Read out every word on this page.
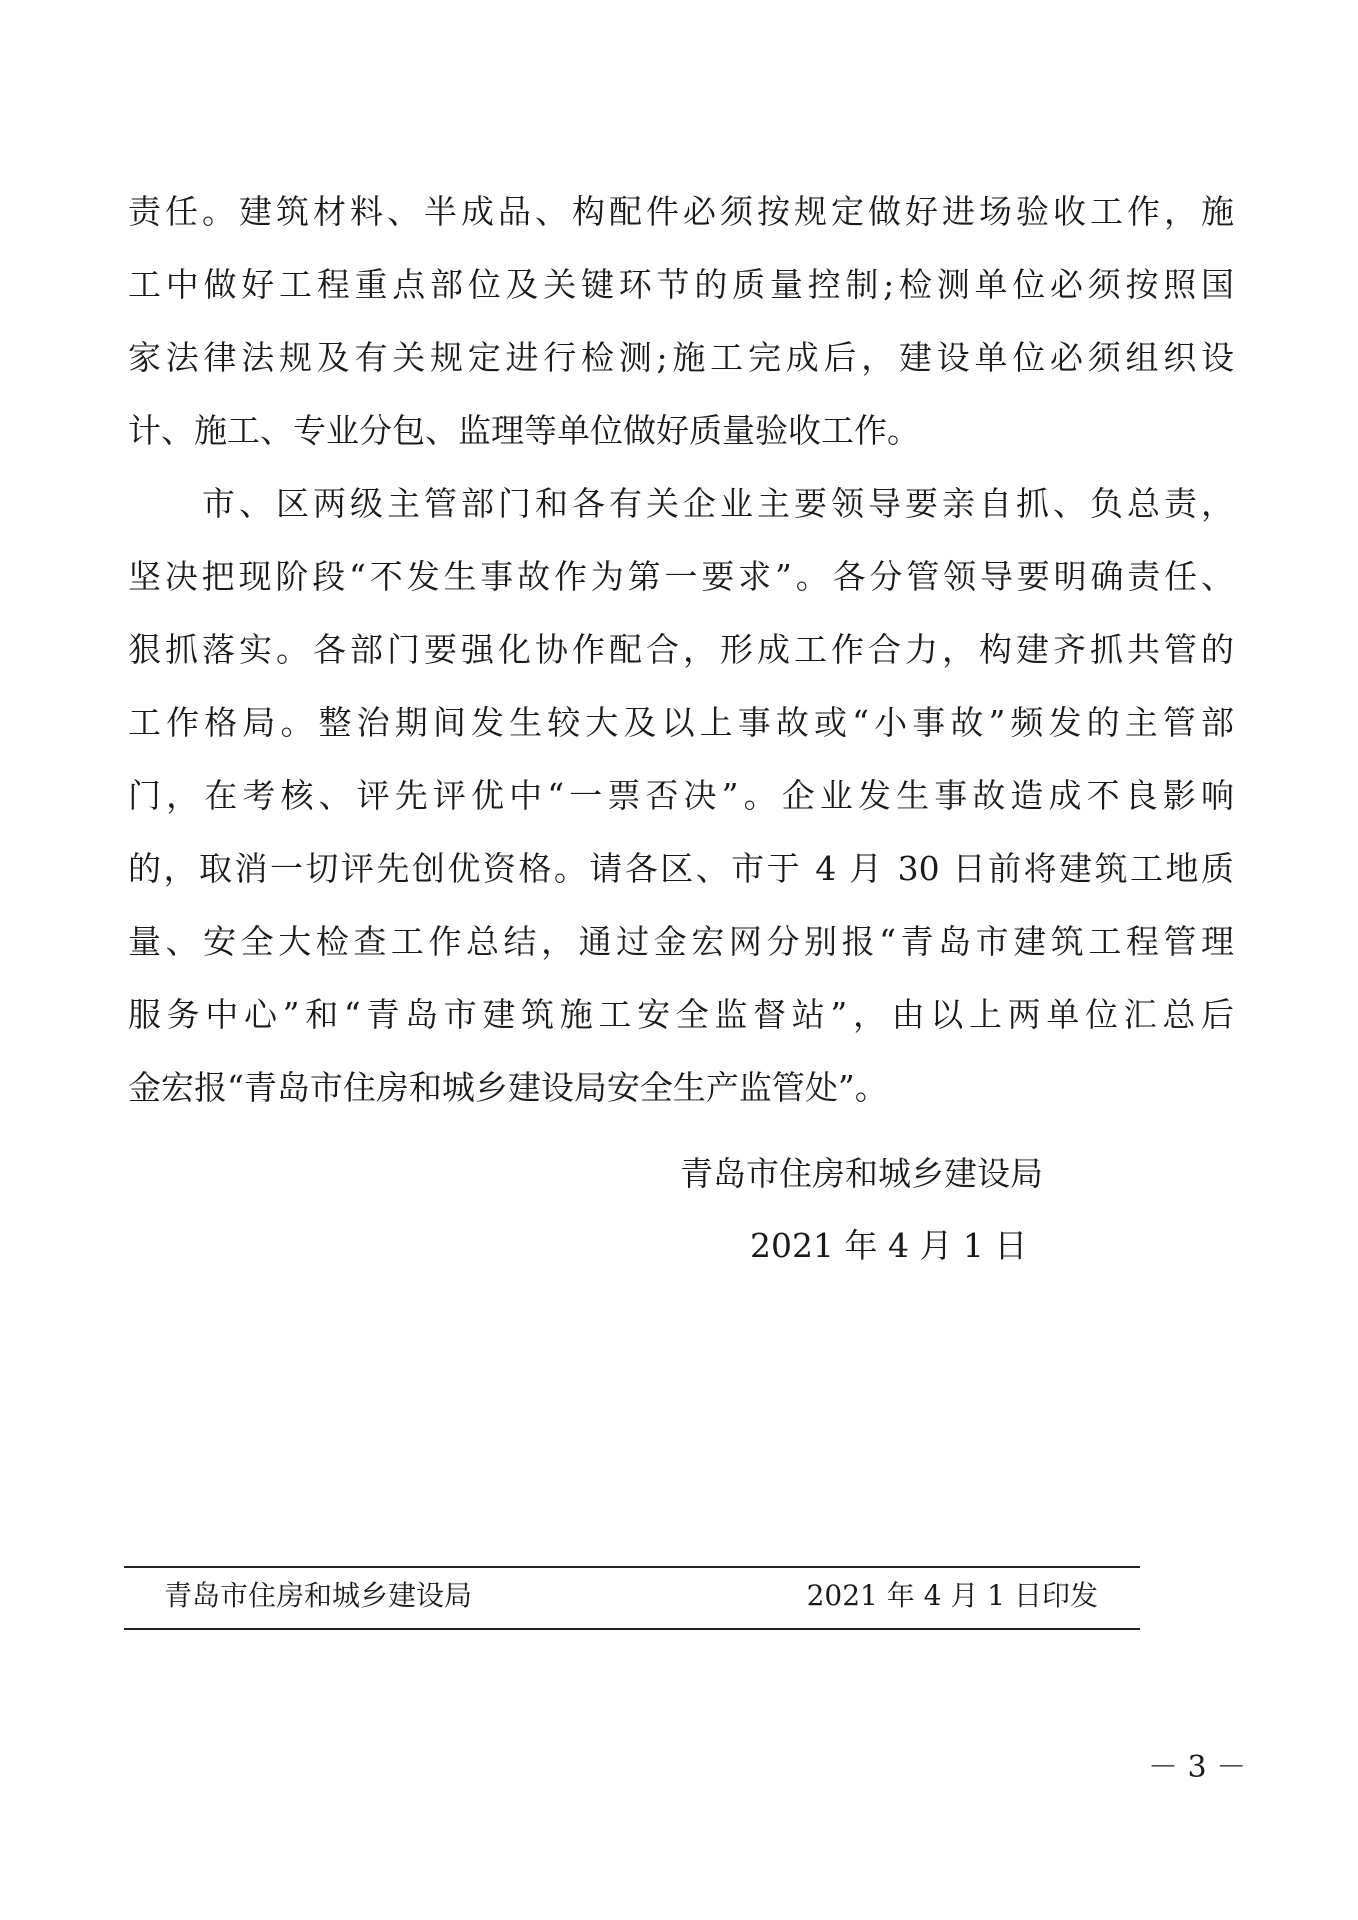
责任。建筑材料、半成品、构配件必须按规定做好进场验收工作，施
工中做好工程重点部位及关键环节的质量控制;检测单位必须按照国
家法律法规及有关规定进行检测;施工完成后，建设单位必须组织设
计、施工、专业分包、监理等单位做好质量验收工作。
　　市、区两级主管部门和各有关企业主要领导要亲自抓、负总责，
坚决把现阶段“不发生事故作为第一要求”。各分管领导要明确责任、
狠抓落实。各部门要强化协作配合，形成工作合力，构建齐抓共管的
工作格局。整治期间发生较大及以上事故或“小事故”频发的主管部
门，在考核、评先评优中“一票否决”。企业发生事故造成不良影响
的，取消一切评先创优资格。请各区、市于 4 月 30 日前将建筑工地质
量、安全大检查工作总结，通过金宏网分别报“青岛市建筑工程管理
服务中心”和“青岛市建筑施工安全监督站”，由以上两单位汇总后
金宏报“青岛市住房和城乡建设局安全生产监管处”。
青岛市住房和城乡建设局
2021 年 4 月 1 日
青岛市住房和城乡建设局	2021 年 4 月 1 日印发
－ 3 －
